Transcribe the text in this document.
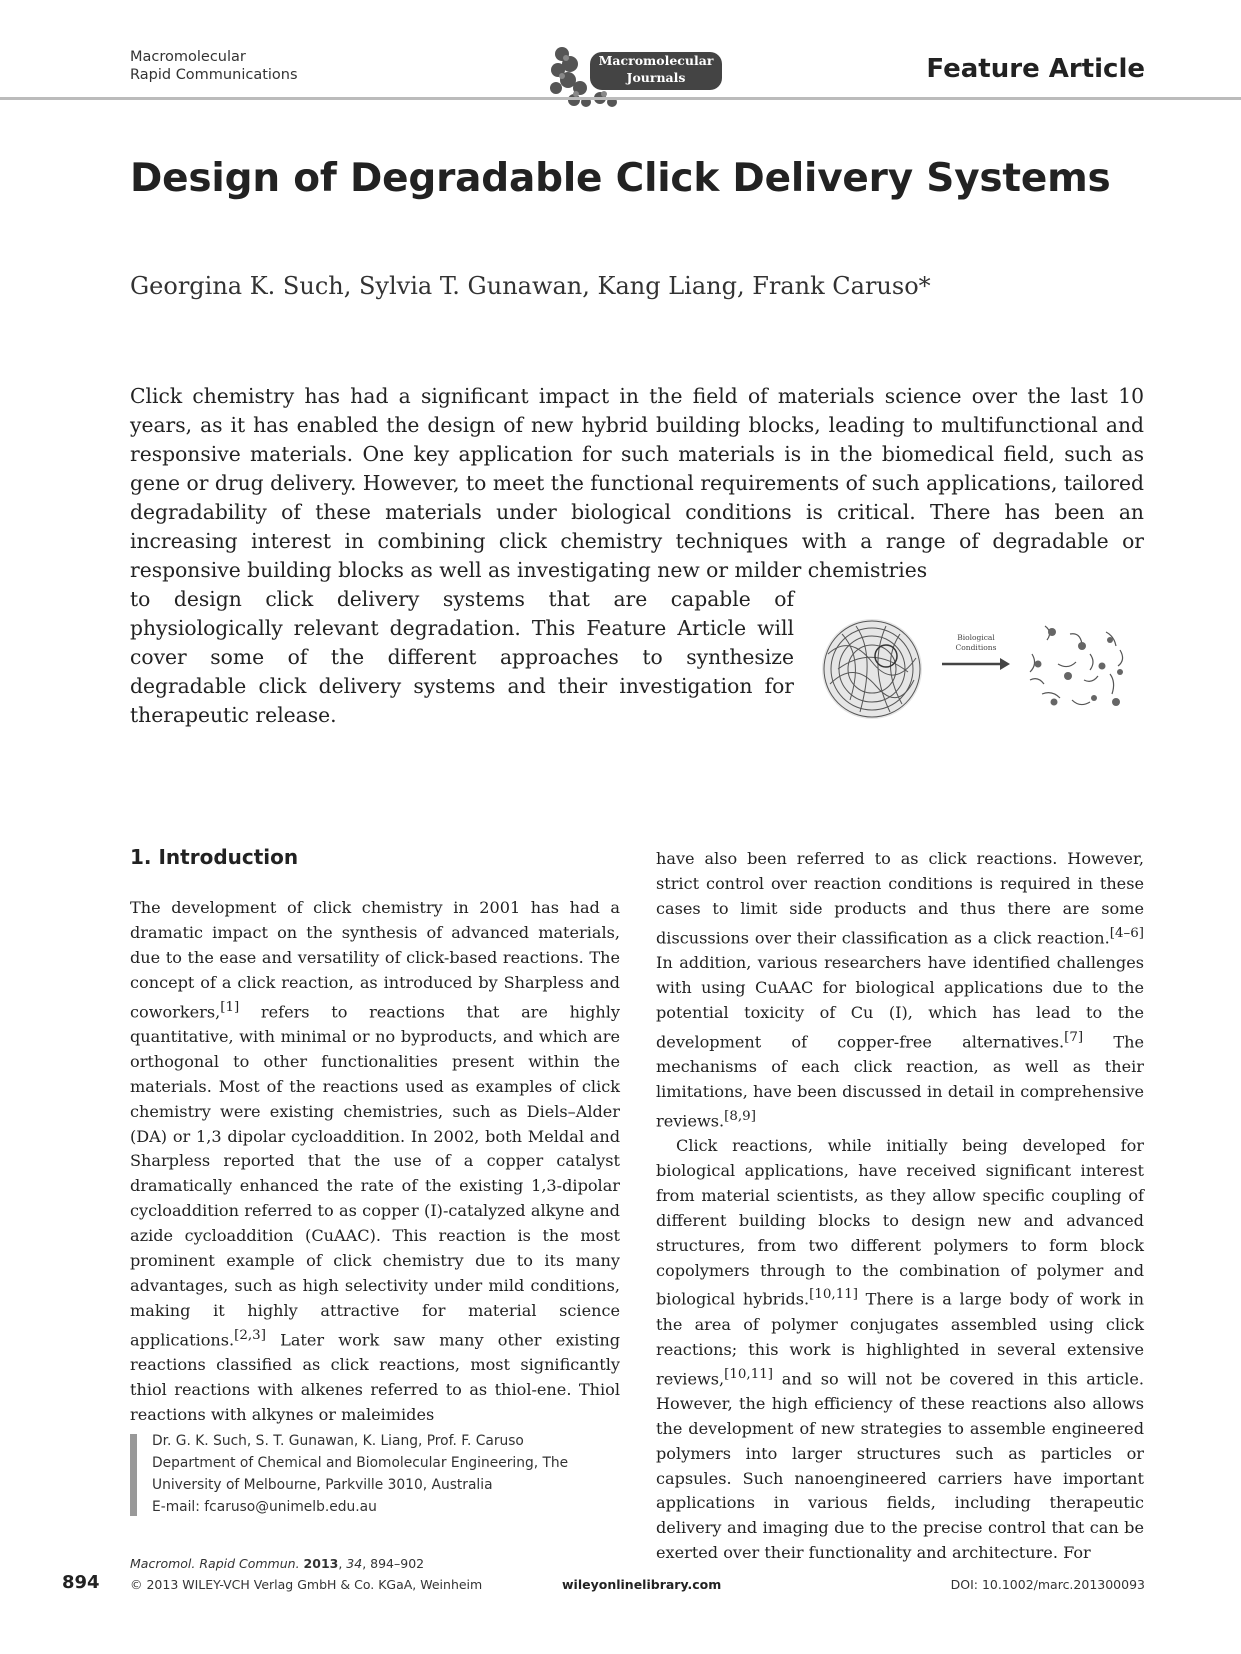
Macromolecular
Rapid Communications
Macromolecular
Journals	Feature Article
Design of Degradable Click Delivery Systems
Georgina K. Such, Sylvia T. Gunawan, Kang Liang, Frank Caruso*
Click chemistry has had a significant impact in the field of materials science over the last 10 years, as it has enabled the design of new hybrid building blocks, leading to multifunctional and responsive materials. One key application for such materials is in the biomedical field, such as gene or drug delivery. However, to meet the functional requirements of such applications, tailored degradability of these materials under biological conditions is critical. There has been an increasing interest in combining click chemistry techniques with a range of degradable or responsive building blocks as well as investigating new or milder chemistries
to design click delivery systems that are capable of physiologically relevant degradation. This Feature Article will cover some of the different approaches to synthesize degradable click delivery systems and their investigation for therapeutic release.
Biological
Conditions
1. Introduction

The development of click chemistry in 2001 has had a dramatic impact on the synthesis of advanced materials, due to the ease and versatility of click-based reactions. The concept of a click reaction, as introduced by Sharpless and coworkers,[1] refers to reactions that are highly quantitative, with minimal or no byproducts, and which are orthogonal to other functionalities present within the materials. Most of the reactions used as examples of click chemistry were existing chemistries, such as Diels–Alder (DA) or 1,3 dipolar cycloaddition. In 2002, both Meldal and Sharpless reported that the use of a copper catalyst dramatically enhanced the rate of the existing 1,3-dipolar cycloaddition referred to as copper (I)-catalyzed alkyne and azide cycloaddition (CuAAC). This reaction is the most prominent example of click chemistry due to its many advantages, such as high selectivity under mild conditions, making it highly attractive for material science applications.[2,3] Later work saw many other existing reactions classified as click reactions, most significantly thiol reactions with alkenes referred to as thiol-ene. Thiol reactions with alkynes or maleimides

have also been referred to as click reactions. However, strict control over reaction conditions is required in these cases to limit side products and thus there are some discussions over their classification as a click reaction.[4–6] In addition, various researchers have identified challenges with using CuAAC for biological applications due to the potential toxicity of Cu (I), which has lead to the development of copper-free alternatives.[7] The mechanisms of each click reaction, as well as their limitations, have been discussed in detail in comprehensive reviews.[8,9]

Click reactions, while initially being developed for biological applications, have received significant interest from material scientists, as they allow specific coupling of different building blocks to design new and advanced structures, from two different polymers to form block copolymers through to the combination of polymer and biological hybrids.[10,11] There is a large body of work in the area of polymer conjugates assembled using click reactions; this work is highlighted in several extensive reviews,[10,11] and so will not be covered in this article. However, the high efficiency of these reactions also allows the development of new strategies to assemble engineered polymers into larger structures such as particles or capsules. Such nanoengineered carriers have important applications in various fields, including therapeutic delivery and imaging due to the precise control that can be exerted over their functionality and architecture. For

Dr. G. K. Such, S. T. Gunawan, K. Liang, Prof. F. Caruso
Department of Chemical and Biomolecular Engineering, The
University of Melbourne, Parkville 3010, Australia
E-mail: fcaruso@unimelb.edu.au
894
Macromol. Rapid Commun. 2013, 34, 894–902
© 2013 WILEY-VCH Verlag GmbH & Co. KGaA, Weinheim	wileyonlinelibrary.com	DOI: 10.1002/marc.201300093
